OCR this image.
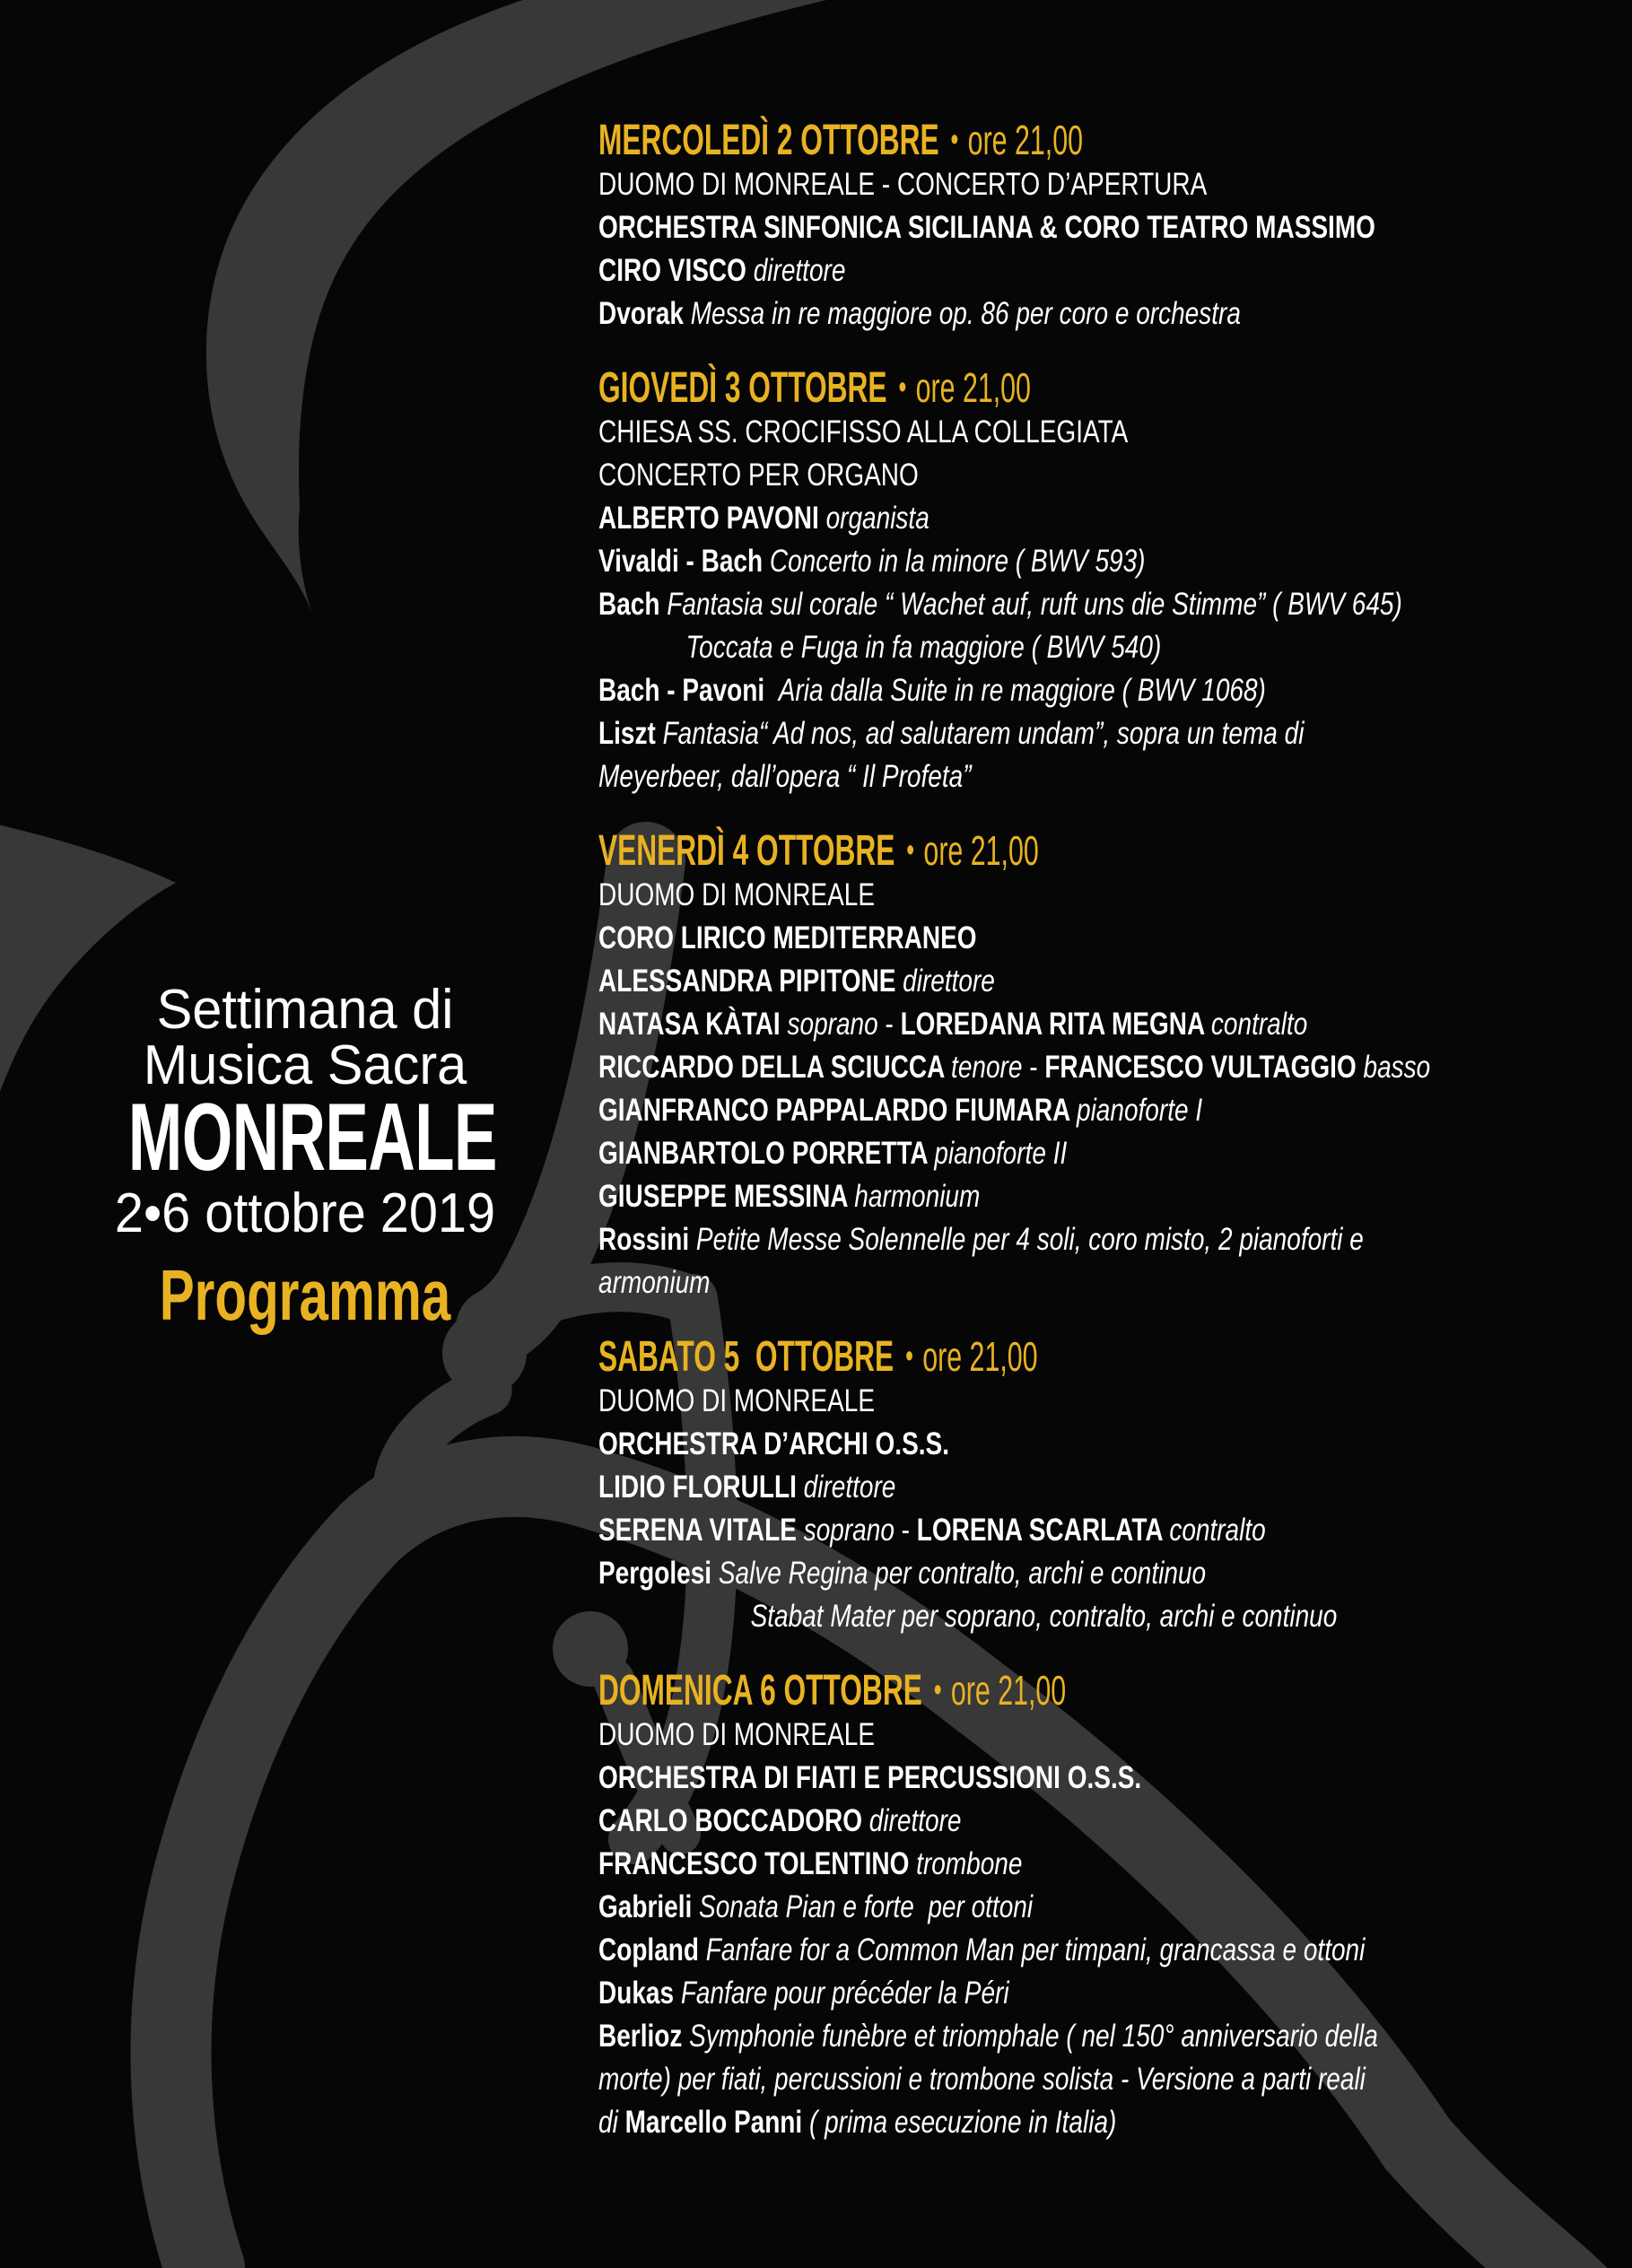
Settimana di
Musica Sacra
MONREALE
2•6 ottobre 2019
Programma
MERCOLEDÌ 2 OTTOBRE • ore 21,00
DUOMO DI MONREALE - CONCERTO D’APERTURA
ORCHESTRA SINFONICA SICILIANA & CORO TEATRO MASSIMO
CIRO VISCO direttore
Dvorak Messa in re maggiore op. 86 per coro e orchestra
GIOVEDÌ 3 OTTOBRE • ore 21,00
CHIESA SS. CROCIFISSO ALLA COLLEGIATA
CONCERTO PER ORGANO
ALBERTO PAVONI organista
Vivaldi - Bach Concerto in la minore ( BWV 593)
Bach Fantasia sul corale “ Wachet auf, ruft uns die Stimme” ( BWV 645)
Toccata e Fuga in fa maggiore ( BWV 540)
Bach - Pavoni  Aria dalla Suite in re maggiore ( BWV 1068)
Liszt Fantasia“ Ad nos, ad salutarem undam”, sopra un tema di
Meyerbeer, dall’opera “ Il Profeta”
VENERDÌ 4 OTTOBRE • ore 21,00
DUOMO DI MONREALE
CORO LIRICO MEDITERRANEO
ALESSANDRA PIPITONE direttore
NATASA KÀTAI soprano - LOREDANA RITA MEGNA contralto
RICCARDO DELLA SCIUCCA tenore - FRANCESCO VULTAGGIO basso
GIANFRANCO PAPPALARDO FIUMARA pianoforte I
GIANBARTOLO PORRETTA pianoforte II
GIUSEPPE MESSINA harmonium
Rossini Petite Messe Solennelle per 4 soli, coro misto, 2 pianoforti e
armonium
SABATO 5  OTTOBRE • ore 21,00
DUOMO DI MONREALE
ORCHESTRA D’ARCHI O.S.S.
LIDIO FLORULLI direttore
SERENA VITALE soprano - LORENA SCARLATA contralto
Pergolesi Salve Regina per contralto, archi e continuo
Stabat Mater per soprano, contralto, archi e continuo
DOMENICA 6 OTTOBRE • ore 21,00
DUOMO DI MONREALE
ORCHESTRA DI FIATI E PERCUSSIONI O.S.S.
CARLO BOCCADORO direttore
FRANCESCO TOLENTINO trombone
Gabrieli Sonata Pian e forte  per ottoni
Copland Fanfare for a Common Man per timpani, grancassa e ottoni
Dukas Fanfare pour précéder la Péri
Berlioz Symphonie funèbre et triomphale ( nel 150° anniversario della
morte) per fiati, percussioni e trombone solista - Versione a parti reali
di Marcello Panni ( prima esecuzione in Italia)
